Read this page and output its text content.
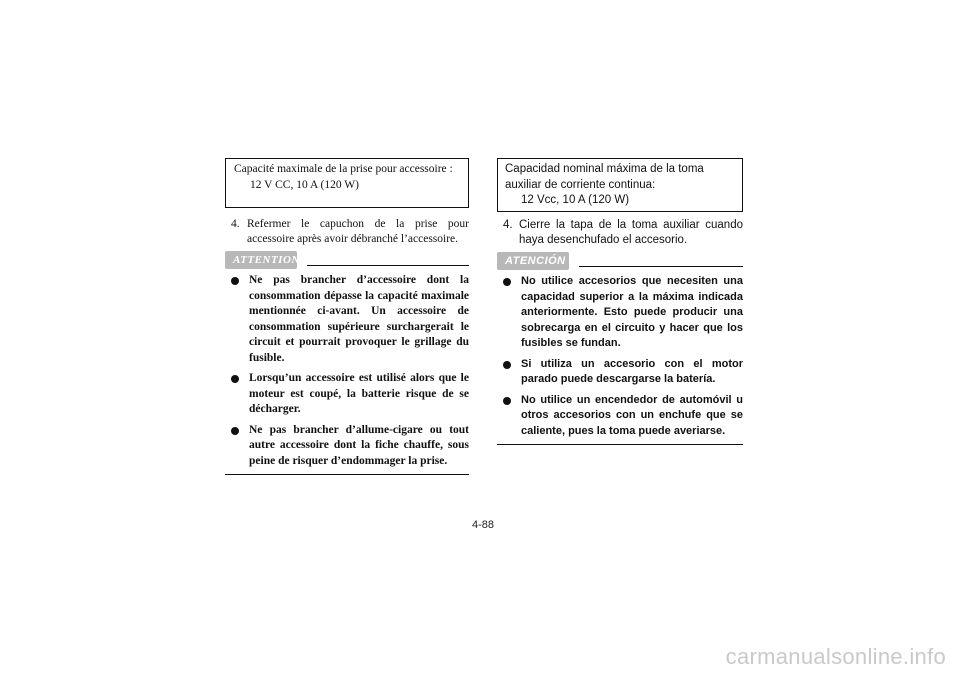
Capacité maximale de la prise pour accessoire :
12 V CC, 10 A (120 W)
4. Refermer le capuchon de la prise pour accessoire après avoir débranché l’accessoire.
ATTENTION
Ne pas brancher d’accessoire dont la consommation dépasse la capacité maximale mentionnée ci-avant. Un accessoire de consommation supérieure surchargerait le circuit et pourrait provoquer le grillage du fusible.
Lorsqu’un accessoire est utilisé alors que le moteur est coupé, la batterie risque de se décharger.
Ne pas brancher d’allume-cigare ou tout autre accessoire dont la fiche chauffe, sous peine de risquer d’endommager la prise.
Capacidad nominal máxima de la toma auxiliar de corriente continua:
12 Vcc, 10 A (120 W)
4. Cierre la tapa de la toma auxiliar cuando haya desenchufado el accesorio.
ATENCIÓN
No utilice accesorios que necesiten una capacidad superior a la máxima indicada anteriormente. Esto puede producir una sobrecarga en el circuito y hacer que los fusibles se fundan.
Si utiliza un accesorio con el motor parado puede descargarse la batería.
No utilice un encendedor de automóvil u otros accesorios con un enchufe que se caliente, pues la toma puede averiarse.
4-88
carmanualsonline.info
